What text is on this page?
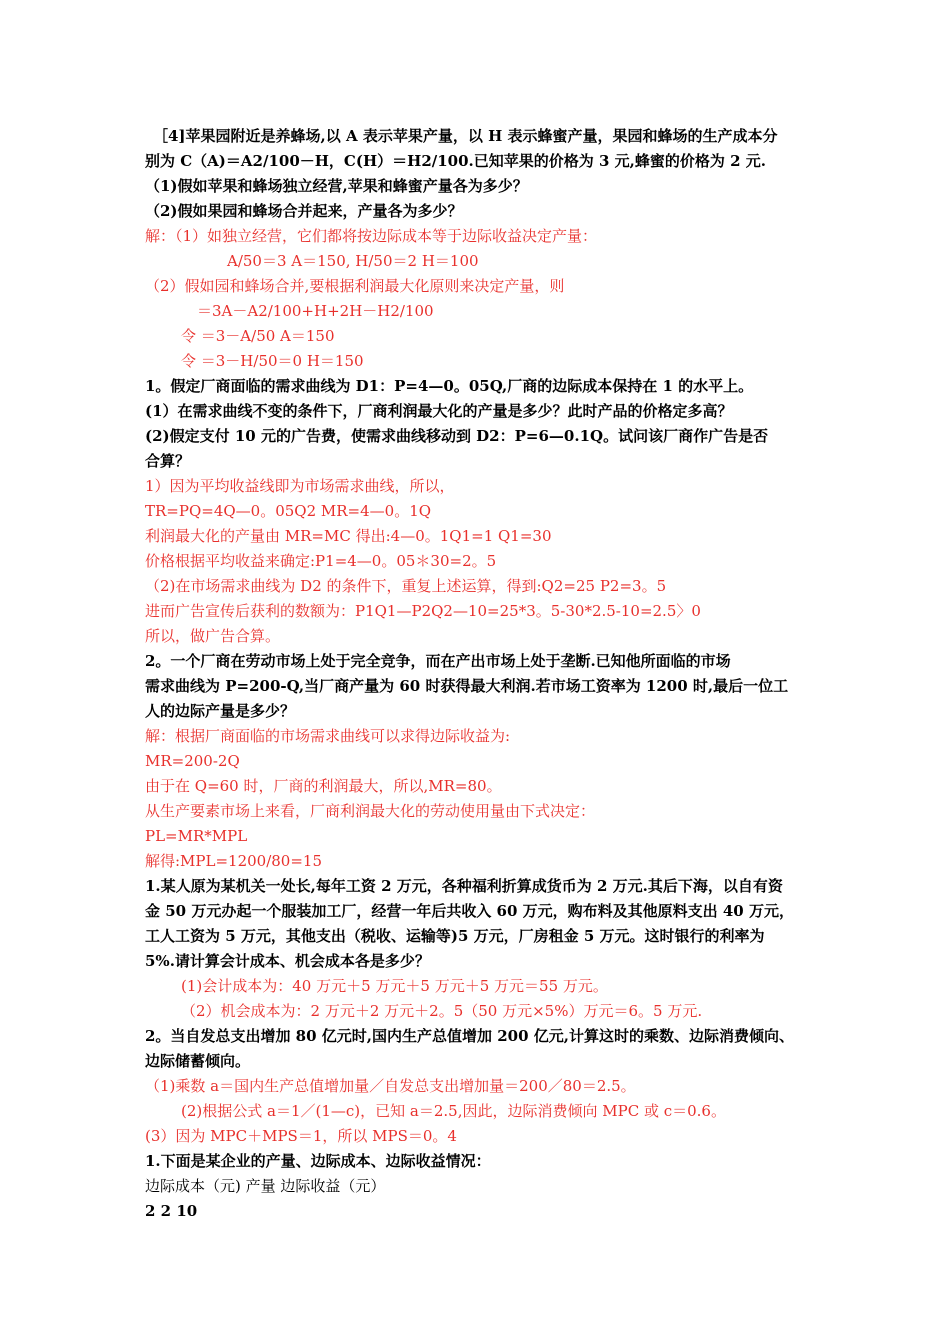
［4]苹果园附近是养蜂场,以 A 表示苹果产量，以 H 表示蜂蜜产量，果园和蜂场的生产成本分
别为 C（A)＝A2/100－H，C(H）＝H2/100.已知苹果的价格为 3 元,蜂蜜的价格为 2 元.
（1)假如苹果和蜂场独立经营,苹果和蜂蜜产量各为多少？
（2)假如果园和蜂场合并起来，产量各为多少？
解：（1）如独立经营，它们都将按边际成本等于边际收益决定产量：
A/50＝3 A＝150, H/50＝2 H＝100
（2）假如园和蜂场合并,要根据利润最大化原则来决定产量，则
＝3A－A2/100+H+2H－H2/100
令 ＝3－A/50 A＝150
令 ＝3－H/50＝0 H＝150
1。假定厂商面临的需求曲线为 D1：P=4—0。05Q,厂商的边际成本保持在 1 的水平上。
(1）在需求曲线不变的条件下，厂商利润最大化的产量是多少？此时产品的价格定多高？
(2)假定支付 10 元的广告费，使需求曲线移动到 D2：P=6—0.1Q。试问该厂商作广告是否
合算？
1）因为平均收益线即为市场需求曲线，所以，
TR=PQ=4Q—0。05Q2 MR=4—0。1Q
利润最大化的产量由 MR=MC 得出:4—0。1Q1=1 Q1=30
价格根据平均收益来确定:P1=4—0。05＊30=2。5
（2)在市场需求曲线为 D2 的条件下，重复上述运算，得到:Q2=25 P2=3。5
进而广告宣传后获利的数额为：P1Q1—P2Q2—10=25*3。5-30*2.5-10=2.5〉0
所以，做广告合算。
2。一个厂商在劳动市场上处于完全竞争，而在产出市场上处于垄断.已知他所面临的市场
需求曲线为 P=200-Q,当厂商产量为 60 时获得最大利润.若市场工资率为 1200 时,最后一位工
人的边际产量是多少？
解：根据厂商面临的市场需求曲线可以求得边际收益为:
MR=200-2Q
由于在 Q=60 时，厂商的利润最大，所以,MR=80。
从生产要素市场上来看，厂商利润最大化的劳动使用量由下式决定：
PL=MR*MPL
解得:MPL=1200/80=15
1.某人原为某机关一处长,每年工资 2 万元，各种福利折算成货币为 2 万元.其后下海，以自有资
金 50 万元办起一个服装加工厂，经营一年后共收入 60 万元，购布料及其他原料支出 40 万元，
工人工资为 5 万元，其他支出（税收、运输等)5 万元，厂房租金 5 万元。这时银行的利率为
5%.请计算会计成本、机会成本各是多少？
(1)会计成本为：40 万元＋5 万元＋5 万元＋5 万元＝55 万元。
（2）机会成本为：2 万元＋2 万元＋2。5（50 万元×5%）万元＝6。5 万元.
2。当自发总支出增加 80 亿元时,国内生产总值增加 200 亿元,计算这时的乘数、边际消费倾向、
边际储蓄倾向。
（1)乘数 a＝国内生产总值增加量／自发总支出增加量＝200／80＝2.5。
(2)根据公式 a＝1／(1—c)，已知 a＝2.5,因此，边际消费倾向 MPC 或 c＝0.6。
(3）因为 MPC＋MPS＝1，所以 MPS＝0。4
1.下面是某企业的产量、边际成本、边际收益情况：
边际成本（元) 产量 边际收益（元）
2 2 10
